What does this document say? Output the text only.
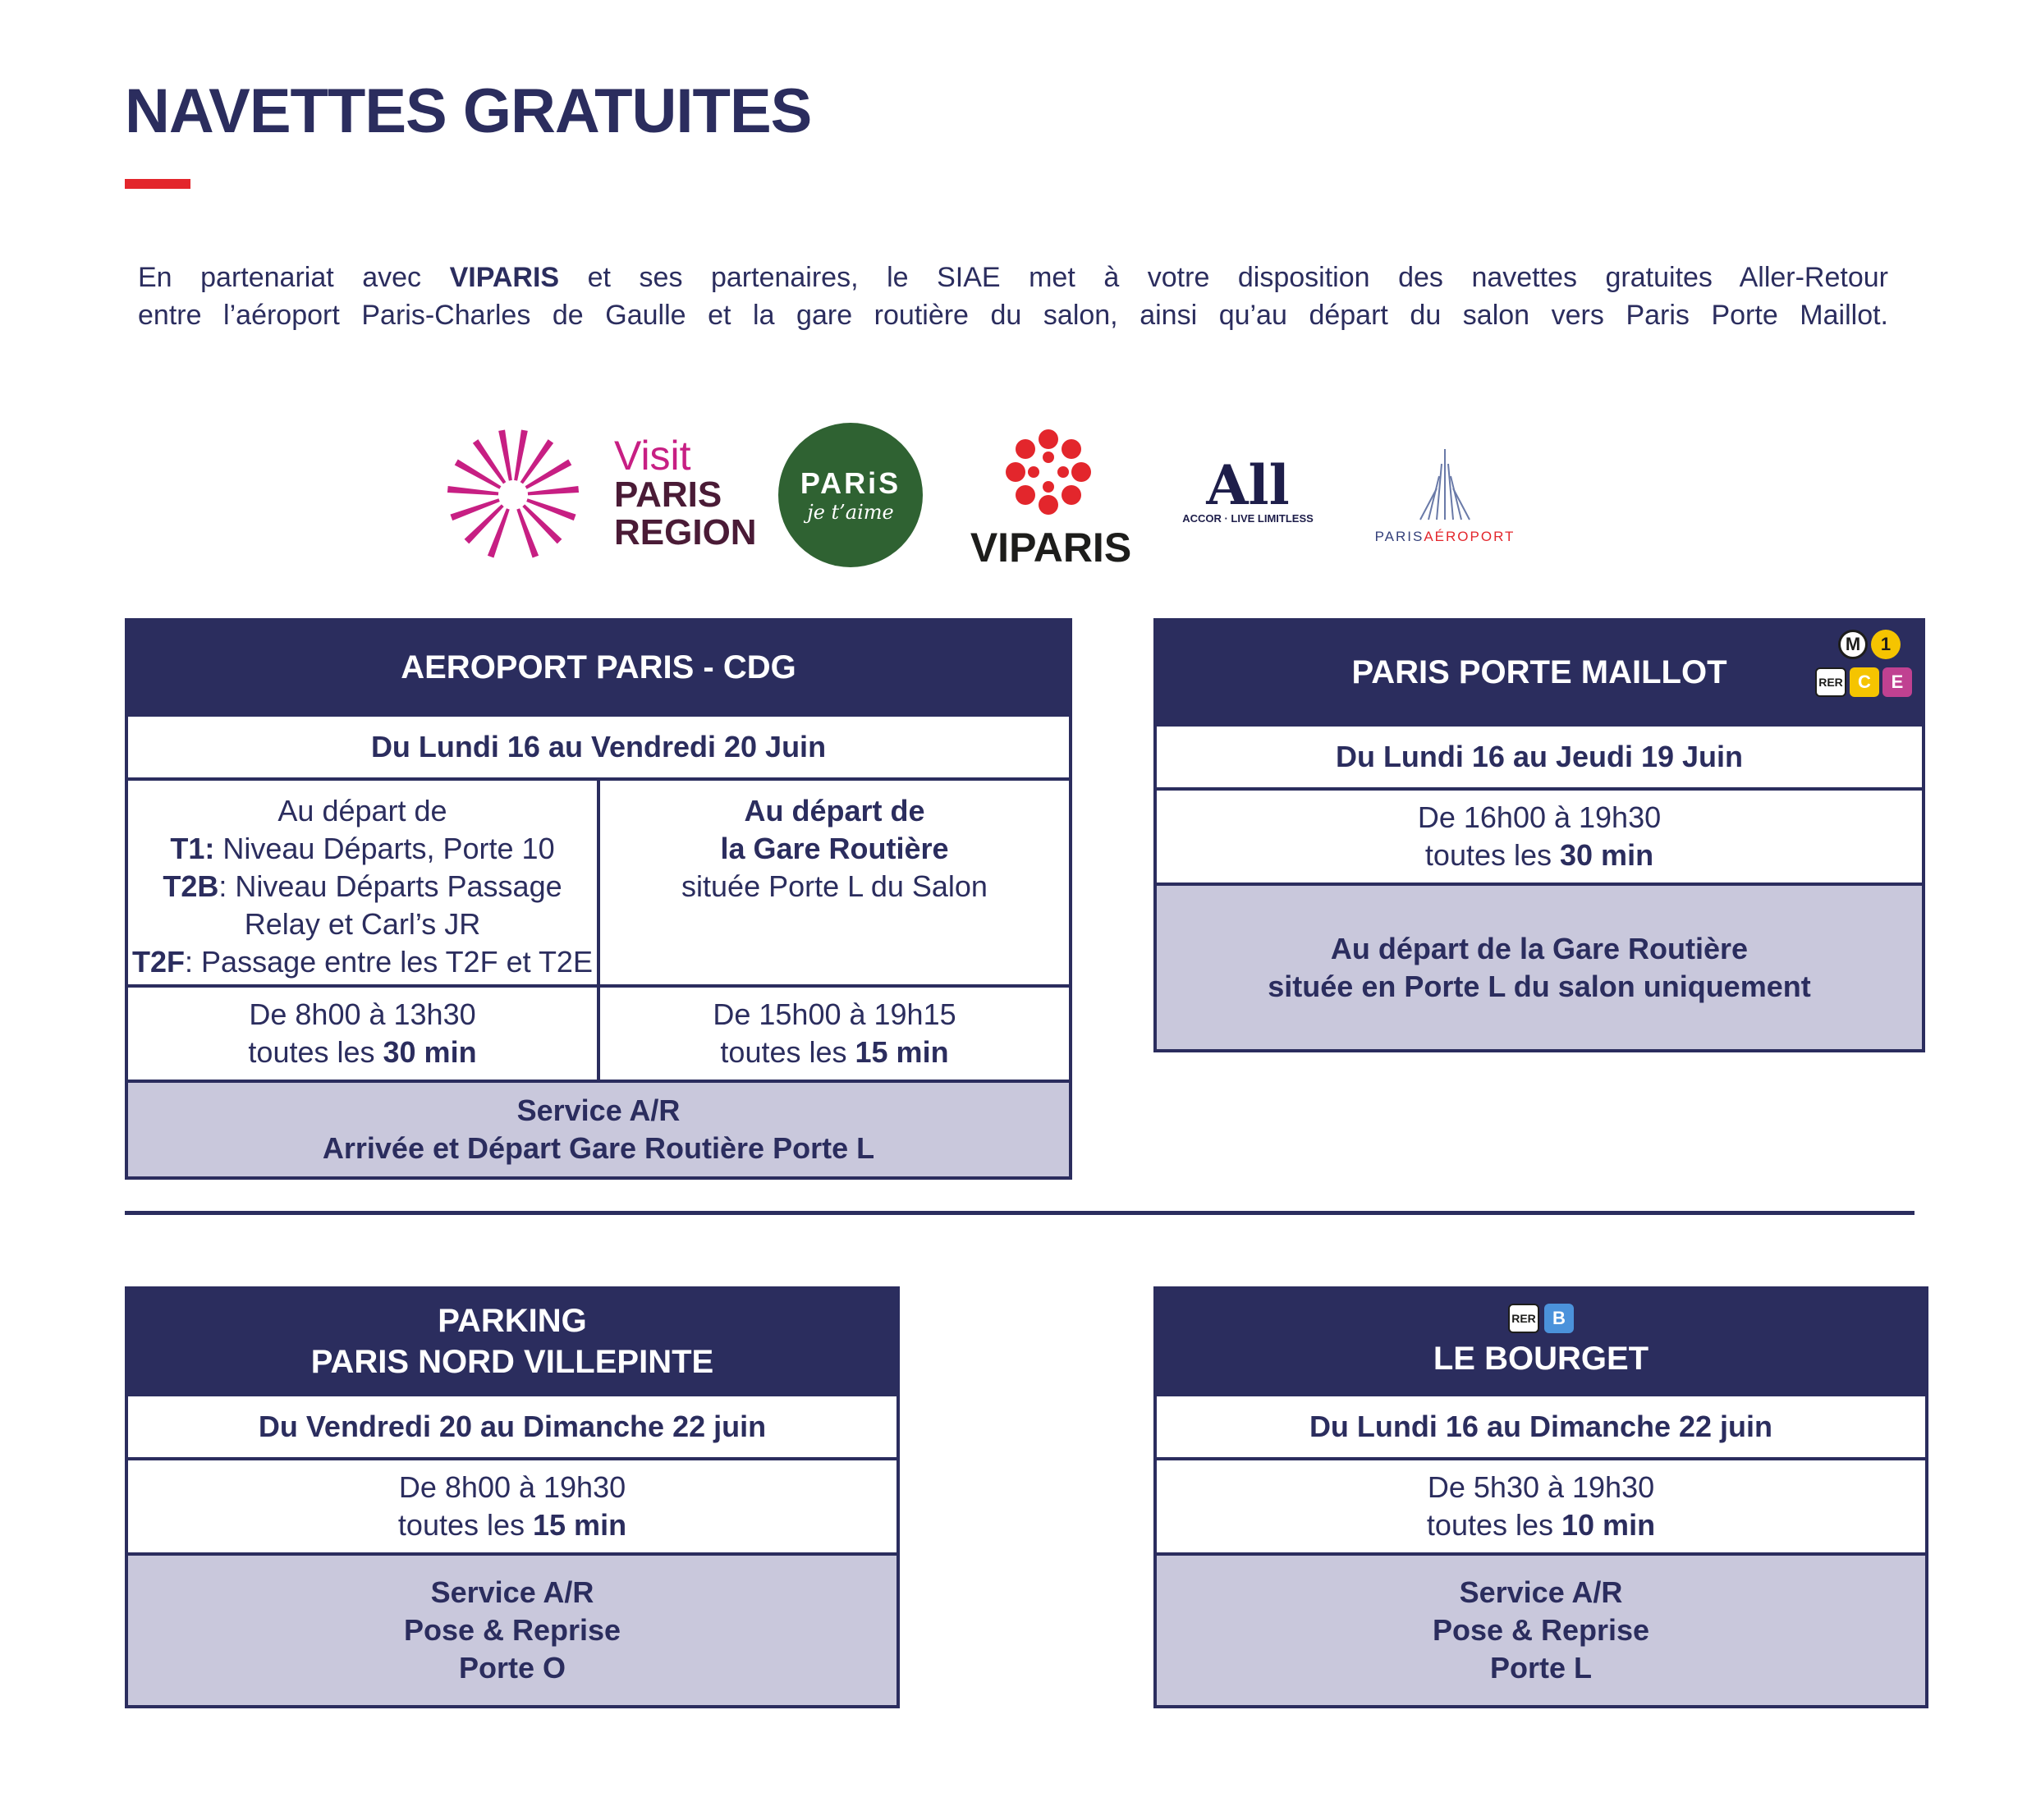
NAVETTES GRATUITES
En partenariat avec VIPARIS et ses partenaires, le SIAE met à votre disposition des navettes gratuites Aller-Retour
entre l’aéroport Paris-Charles de Gaulle et la gare routière du salon, ainsi qu’au départ du salon vers Paris Porte Maillot.
Visit
PARIS
REGION
PARiS
je t’aime
VIPARIS
All
ACCOR · LIVE LIMITLESS
PARISAÉROPORT
AEROPORT PARIS - CDG
Du Lundi 16 au Vendredi 20 Juin
Au départ de
T1: Niveau Départs, Porte 10
T2B: Niveau Départs Passage
Relay et Carl’s JR
T2F: Passage entre les T2F et T2E
Au départ de
la Gare Routière
située Porte L du Salon
De 8h00 à 13h30
toutes les 30 min
De 15h00 à 19h15
toutes les 15 min
Service A/R
Arrivée et Départ Gare Routière Porte L
PARIS PORTE MAILLOT
M	1
RER C	E
Du Lundi 16 au Jeudi 19 Juin
De 16h00 à 19h30
toutes les 30 min
Au départ de la Gare Routière
située en Porte L du salon uniquement
PARKING
PARIS NORD VILLEPINTE
Du Vendredi 20 au Dimanche 22 juin
De 8h00 à 19h30
toutes les 15 min
Service A/R
Pose & Reprise
Porte O
RER B
LE BOURGET
Du Lundi 16 au Dimanche 22 juin
De 5h30 à 19h30
toutes les 10 min
Service A/R
Pose & Reprise
Porte L
